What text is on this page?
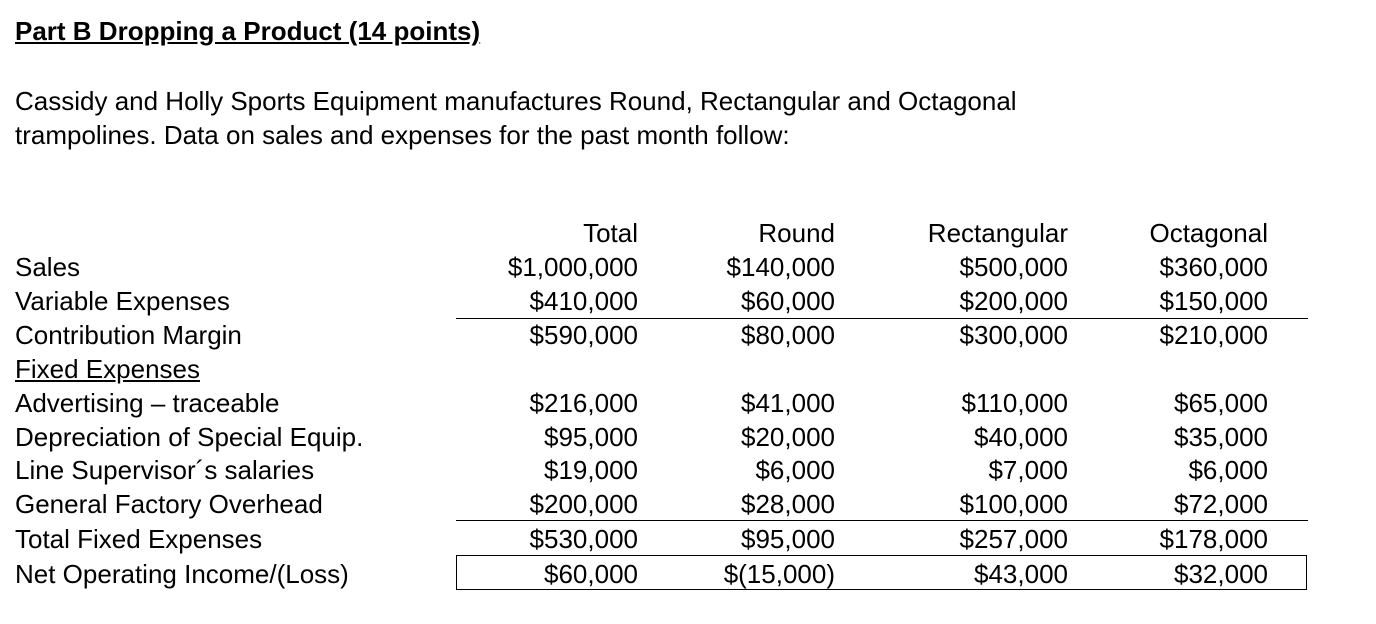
Part B Dropping a Product (14 points)
Cassidy and Holly Sports Equipment manufactures Round, Rectangular and Octagonal
trampolines. Data on sales and expenses for the past month follow:
Total	Round	Rectangular	Octagonal
Sales	$1,000,000	$140,000	$500,000	$360,000
Variable Expenses	$410,000	$60,000	$200,000	$150,000
Contribution Margin	$590,000	$80,000	$300,000	$210,000
Fixed Expenses
Advertising – traceable	$216,000	$41,000	$110,000	$65,000
Depreciation of Special Equip.	$95,000	$20,000	$40,000	$35,000
Line Supervisor´s salaries	$19,000	$6,000	$7,000	$6,000
General Factory Overhead	$200,000	$28,000	$100,000	$72,000
Total Fixed Expenses	$530,000	$95,000	$257,000	$178,000
Net Operating Income/(Loss)	$60,000	$(15,000)	$43,000	$32,000
